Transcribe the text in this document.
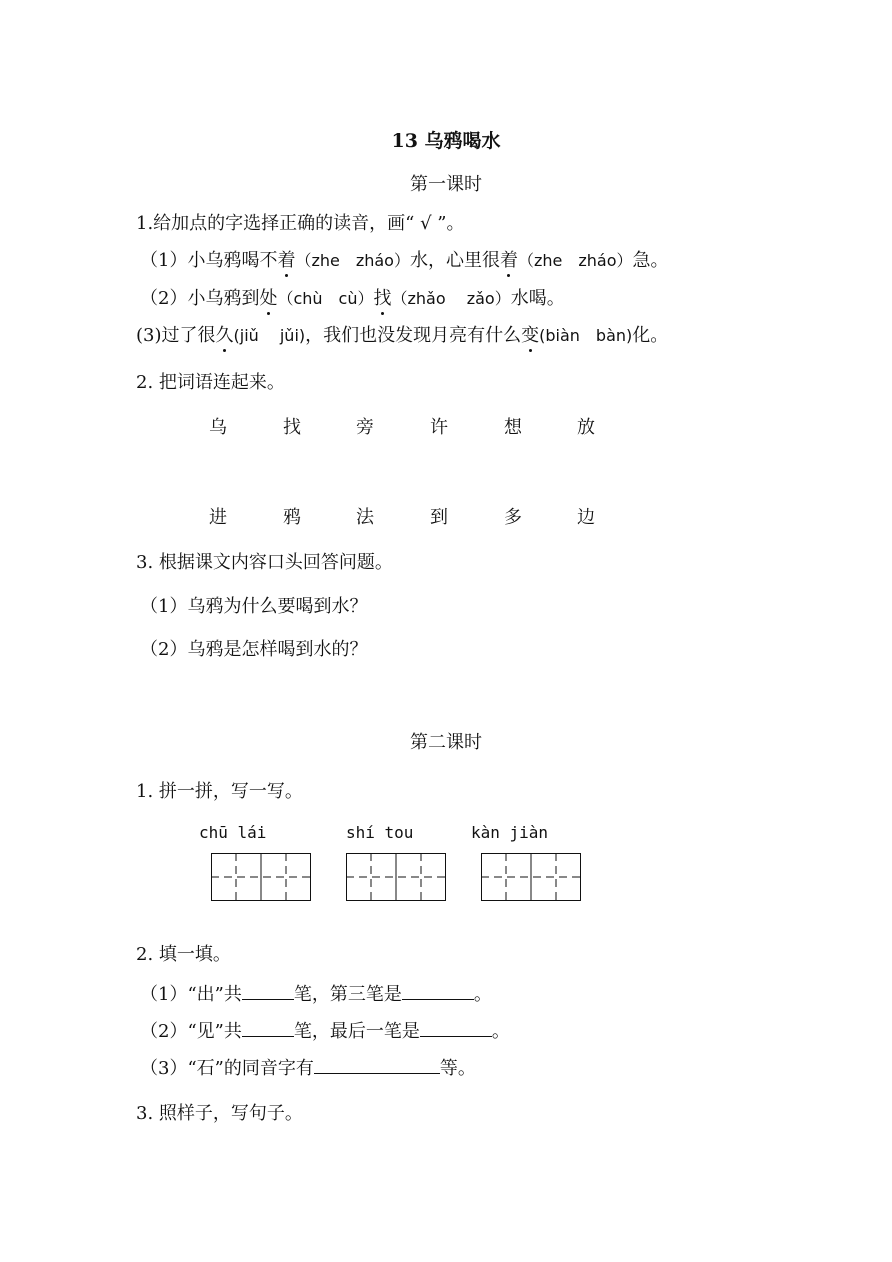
13 乌鸦喝水
第一课时
1.给加点的字选择正确的读音，画“ √ ”。
（1）小乌鸦喝不着（zhe　zháo）水，心里很着（zhe　zháo）急。
（2）小乌鸦到处（chù　cù）找（zhǎo　 zǎo）水喝。
(3)过了很久(jiǔ　 jǔi)，我们也没发现月亮有什么变(biàn　bàn)化。
2. 把词语连起来。
乌	找	旁	许	想	放
进	鸦	法	到	多	边
3. 根据课文内容口头回答问题。
（1）乌鸦为什么要喝到水？
（2）乌鸦是怎样喝到水的？
第二课时
1. 拼一拼，写一写。
chū lái	shí tou	kàn jiàn
2. 填一填。
（1）“出”共	笔，第三笔是	。
（2）“见”共	笔，最后一笔是	。
（3）“石”的同音字有	等。
3. 照样子，写句子。
